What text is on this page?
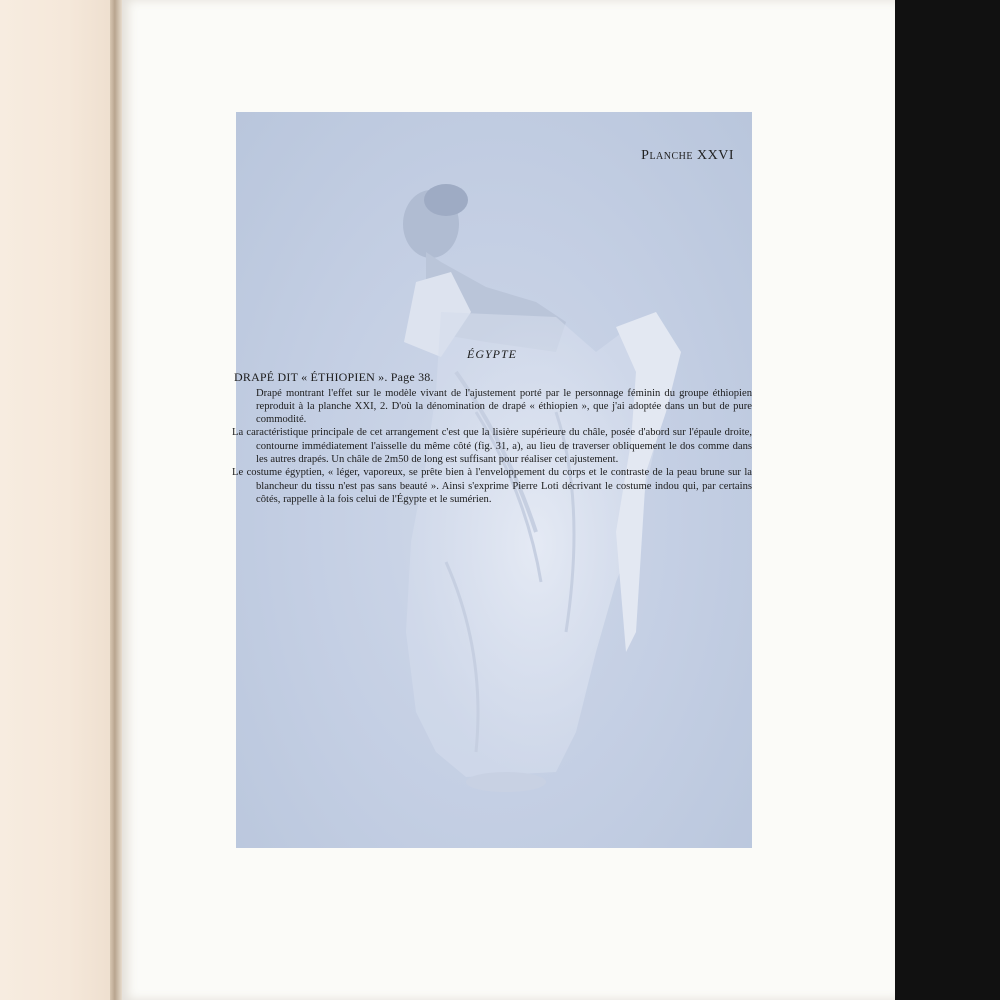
Planche XXVI

ÉGYPTE

DRAPÉ DIT « ÉTHIOPIEN ». Page 38.

Drapé montrant l'effet sur le modèle vivant de l'ajustement porté par le personnage féminin du groupe éthiopien reproduit à la planche XXI, 2. D'où la dénomination de drapé « éthiopien », que j'ai adoptée dans un but de pure commodité.

La caractéristique principale de cet arrangement c'est que la lisière supérieure du châle, posée d'abord sur l'épaule droite, contourne immédiatement l'aisselle du même côté (fig. 31, a), au lieu de traverser obliquement le dos comme dans les autres drapés. Un châle de 2m50 de long est suffisant pour réaliser cet ajustement.

Le costume égyptien, « léger, vaporeux, se prête bien à l'enveloppement du corps et le contraste de la peau brune sur la blancheur du tissu n'est pas sans beauté ». Ainsi s'exprime Pierre Loti décrivant le costume indou qui, par certains côtés, rappelle à la fois celui de l'Égypte et le sumérien.
